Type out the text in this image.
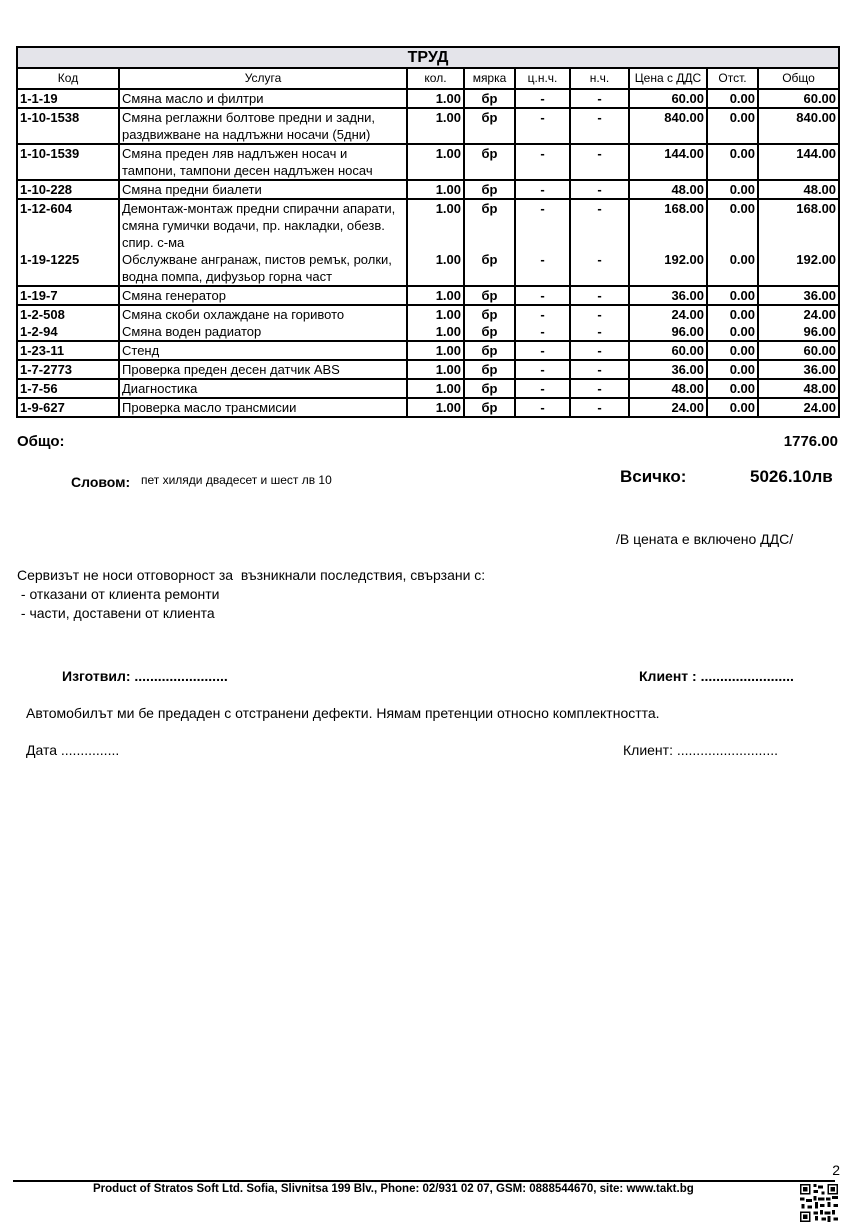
ТРУД								
Код	Услуга	кол.	мярка	ц.н.ч.	н.ч.	Цена с ДДС	Отст.	Общо
1-1-19	Смяна масло и филтри	1.00	бр	-	-	60.00	0.00	60.00
1-10-1538	Смяна реглажни болтове предни и задни, раздвижване на надлъжни носачи (5дни)	1.00	бр	-	-	840.00	0.00	840.00
1-10-1539	Смяна преден ляв надлъжен носач и тампони, тампони десен надлъжен носач	1.00	бр	-	-	144.00	0.00	144.00
1-10-228	Смяна предни биалети	1.00	бр	-	-	48.00	0.00	48.00
1-12-604	Демонтаж-монтаж предни спирачни апарати, смяна гумички водачи, пр. накладки, обезв. спир. с-ма	1.00	бр	-	-	168.00	0.00	168.00
1-19-1225	Обслужване ангранаж, пистов ремък, ролки, водна помпа, дифузьор горна част	1.00	бр	-	-	192.00	0.00	192.00
1-19-7	Смяна генератор	1.00	бр	-	-	36.00	0.00	36.00
1-2-508	Смяна скоби охлаждане на горивото	1.00	бр	-	-	24.00	0.00	24.00
1-2-94	Смяна воден радиатор	1.00	бр	-	-	96.00	0.00	96.00
1-23-11	Стенд	1.00	бр	-	-	60.00	0.00	60.00
1-7-2773	Проверка преден десен датчик ABS	1.00	бр	-	-	36.00	0.00	36.00
1-7-56	Диагностика	1.00	бр	-	-	48.00	0.00	48.00
1-9-627	Проверка масло трансмисии	1.00	бр	-	-	24.00	0.00	24.00
Общо:	1776.00
Словом: пет хиляди двадесет и шест лв 10	Всичко:	5026.10лв
/В цената е включено ДДС/
Сервизът не носи отговорност за  възникнали последствия, свързани с:
- отказани от клиента ремонти
- части, доставени от клиента
Изготвил: ........................	Клиент : ........................
Автомобилът ми бе предаден с отстранени дефекти. Нямам претенции относно комплектността.
Дата ...............	Клиент: ..........................
2
Product of Stratos Soft Ltd. Sofia, Slivnitsa 199 Blv., Phone: 02/931 02 07, GSM: 0888544670, site: www.takt.bg
